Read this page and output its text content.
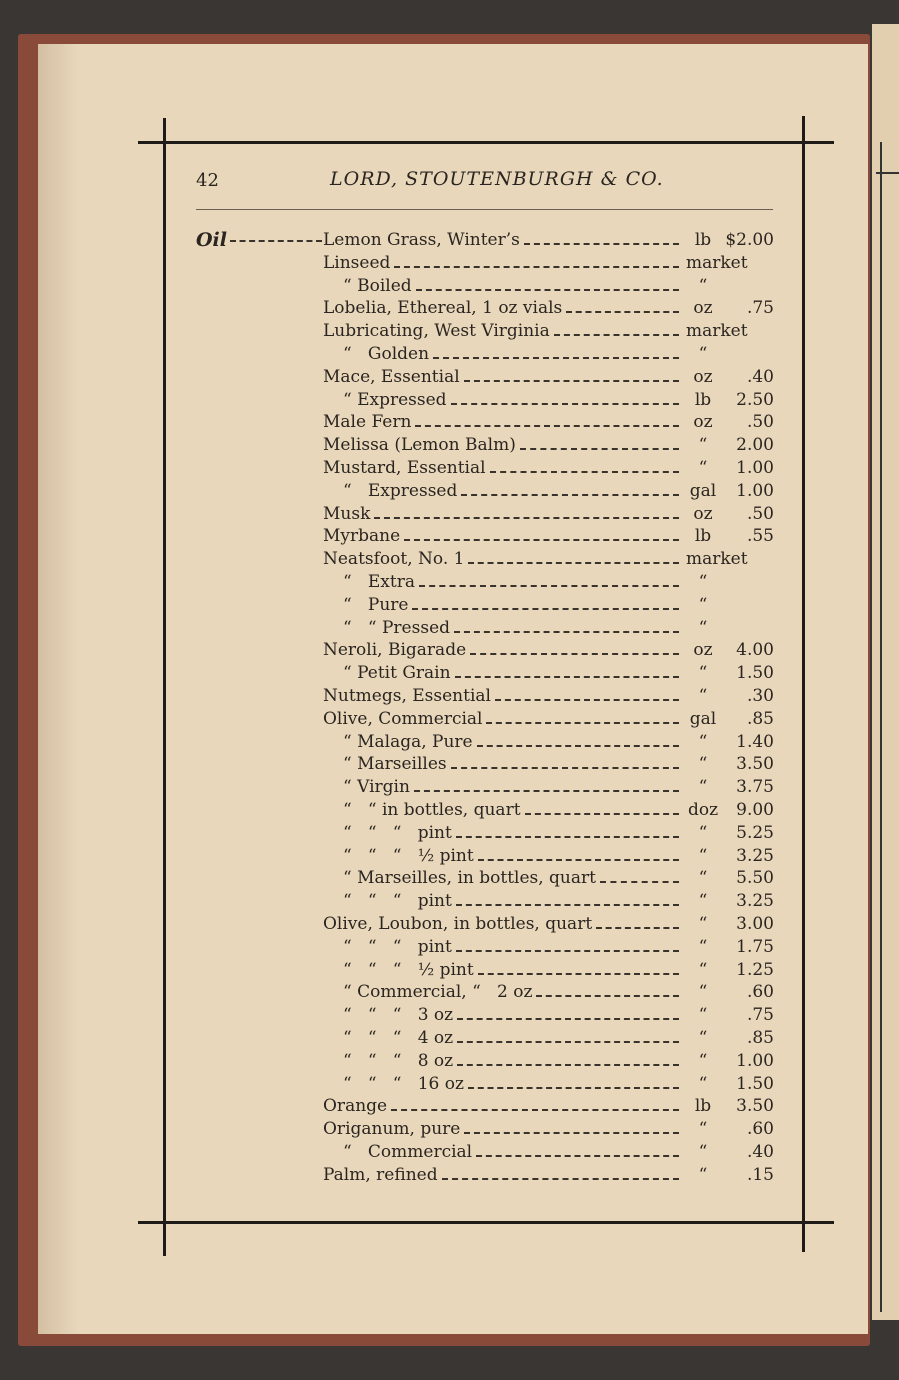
42	LORD, STOUTENBURGH & CO.
Oil	Lemon Grass, Winter’s	lb $2.00
Linseed	market
“ Boiled	“
Lobelia, Ethereal, 1 oz vials	oz	.75
Lubricating, West Virginia	market
“   Golden	“
Mace, Essential	oz	.40
“ Expressed	lb	2.50
Male Fern	oz	.50
Melissa (Lemon Balm)	“	2.00
Mustard, Essential	“	1.00
“   Expressed	gal	1.00
Musk	oz	.50
Myrbane	lb	.55
Neatsfoot, No. 1	market
“   Extra	“
“   Pure	“
“   “ Pressed	“
Neroli, Bigarade	oz	4.00
“ Petit Grain	“	1.50
Nutmegs, Essential	“	.30
Olive, Commercial	gal	.85
“ Malaga, Pure	“	1.40
“ Marseilles	“	3.50
“ Virgin	“	3.75
“   “ in bottles, quart	doz	9.00
“   “   “   pint	“	5.25
“   “   “   ½ pint	“	3.25
“ Marseilles, in bottles, quart	“	5.50
“   “   “   pint	“	3.25
Olive, Loubon, in bottles, quart	“	3.00
“   “   “   pint	“	1.75
“   “   “   ½ pint	“	1.25
“ Commercial, “   2 oz	“	.60
“   “   “   3 oz	“	.75
“   “   “   4 oz	“	.85
“   “   “   8 oz	“	1.00
“   “   “   16 oz	“	1.50
Orange	lb	3.50
Origanum, pure	“	.60
“   Commercial	“	.40
Palm, refined	“	.15
